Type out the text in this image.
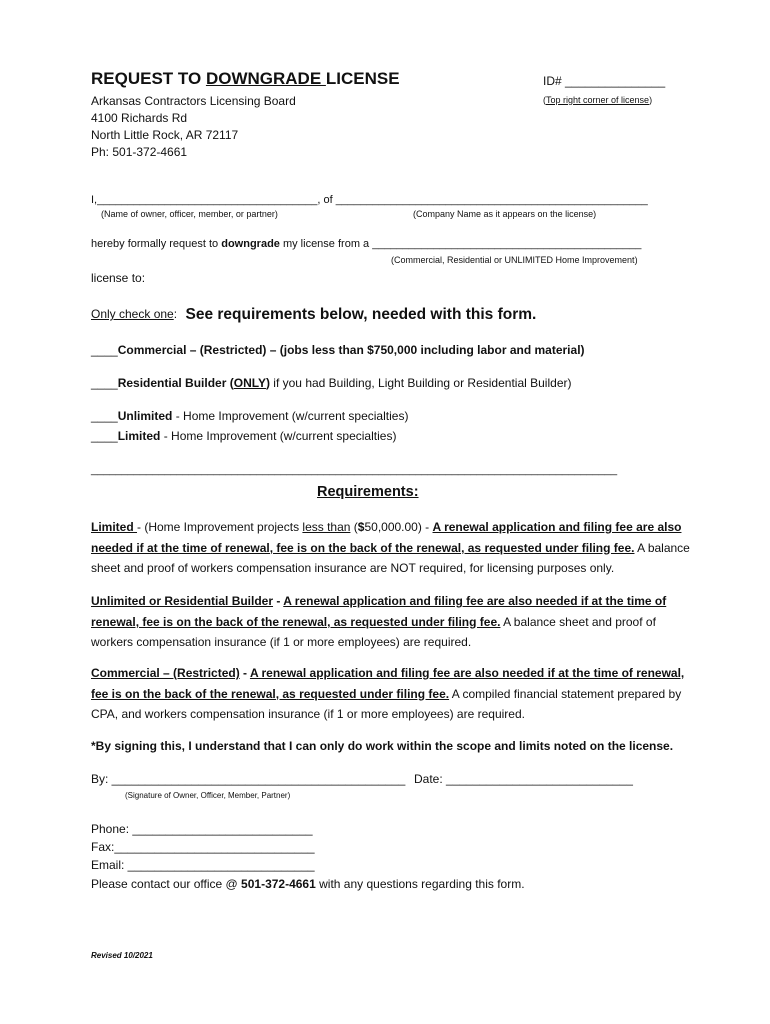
REQUEST TO DOWNGRADE LICENSE	ID# _______________
(Top right corner of license)
Arkansas Contractors Licensing Board
4100 Richards Rd
North Little Rock, AR 72117
Ph: 501-372-4661
I,____________________________________, of ___________________________________________________
(Name of owner, officer, member, or partner)	(Company Name as it appears on the license)
hereby formally request to downgrade my license from a ____________________________________________
(Commercial, Residential or UNLIMITED Home Improvement)
license to:
Only check one: See requirements below, needed with this form.
____Commercial – (Restricted) – (jobs less than $750,000 including labor and material)
____Residential Builder (ONLY) if you had Building, Light Building or Residential Builder)
____Unlimited - Home Improvement (w/current specialties)
____Limited - Home Improvement (w/current specialties)
______________________________________________________________________________________
Requirements:
Limited - (Home Improvement projects less than ($50,000.00) - A renewal application and filing fee are also needed if at the time of renewal, fee is on the back of the renewal, as requested under filing fee. A balance sheet and proof of workers compensation insurance are NOT required, for licensing purposes only.
Unlimited or Residential Builder - A renewal application and filing fee are also needed if at the time of renewal, fee is on the back of the renewal, as requested under filing fee. A balance sheet and proof of workers compensation insurance (if 1 or more employees) are required.
Commercial – (Restricted) - A renewal application and filing fee are also needed if at the time of renewal, fee is on the back of the renewal, as requested under filing fee. A compiled financial statement prepared by CPA, and workers compensation insurance (if 1 or more employees) are required.
*By signing this, I understand that I can only do work within the scope and limits noted on the license.
By: ____________________________________________ Date: ____________________________
(Signature of Owner, Officer, Member, Partner)
Phone: ___________________________
Fax:______________________________
Email: ____________________________
Please contact our office @ 501-372-4661 with any questions regarding this form.
Revised 10/2021
